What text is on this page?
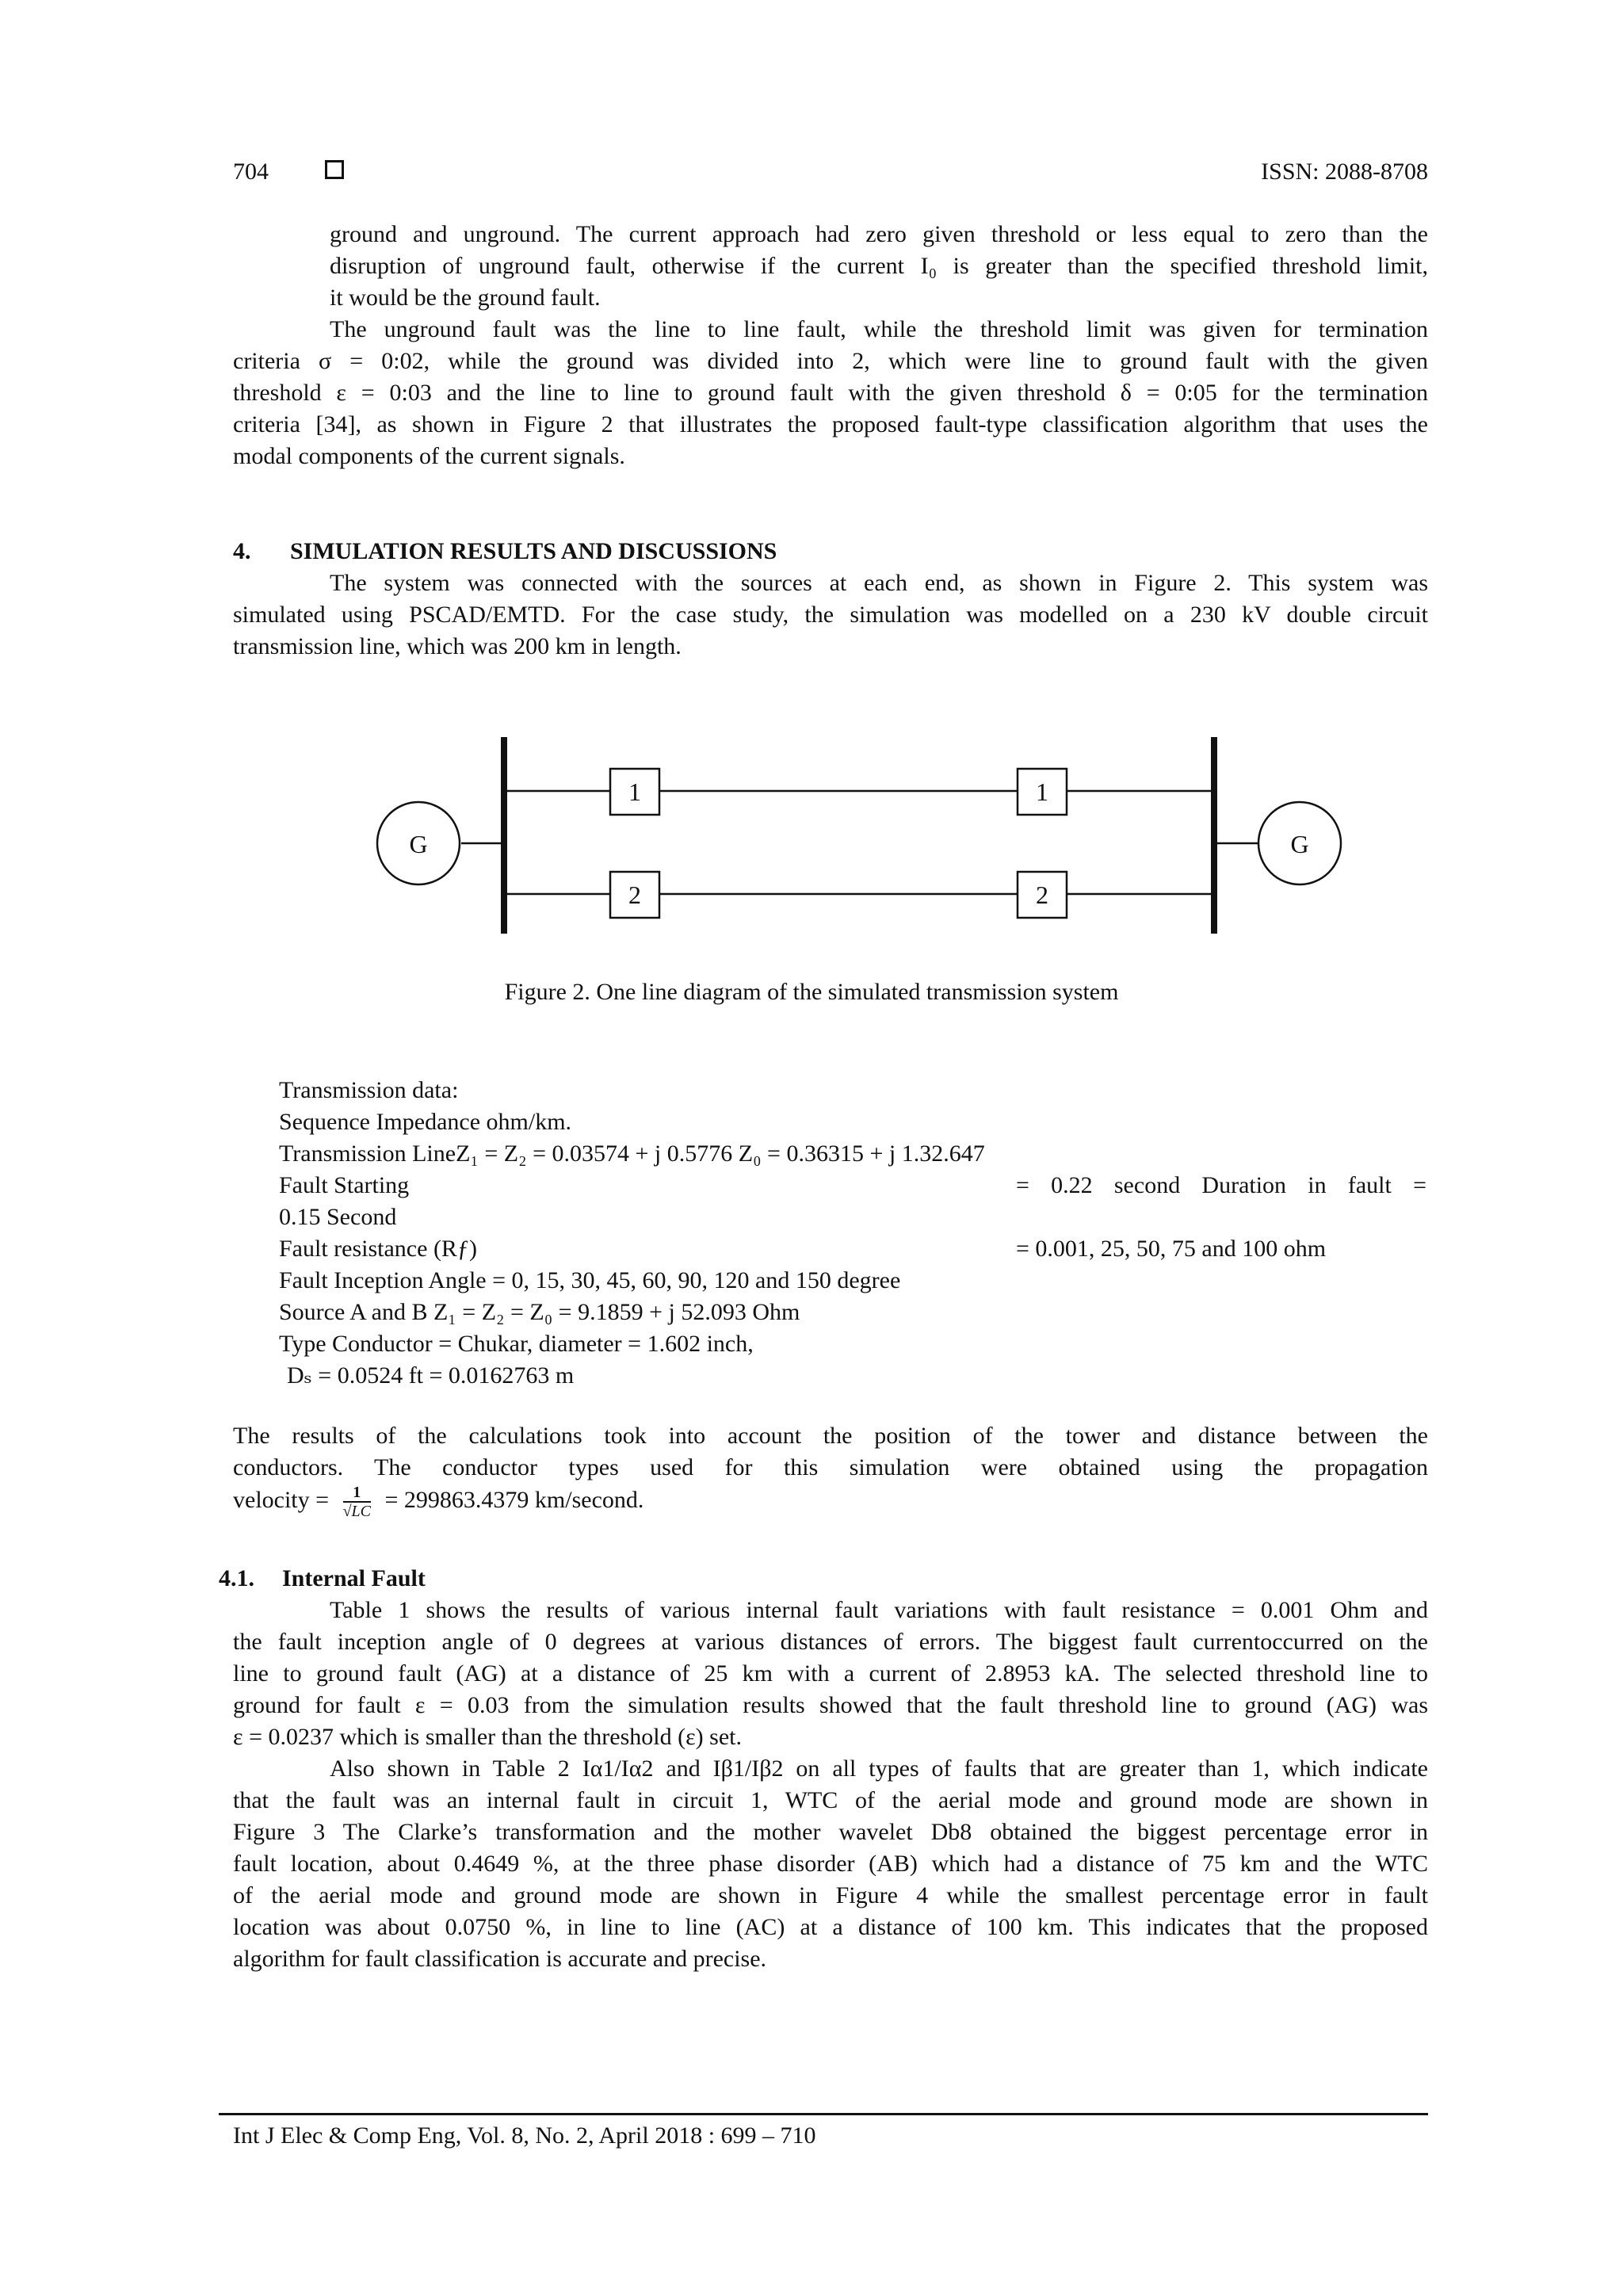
704	ISSN: 2088-8708

ground and unground. The current approach had zero given threshold or less equal to zero than the

disruption of unground fault, otherwise if the current I₀ is greater than the specified threshold limit,

it would be the ground fault.

The unground fault was the line to line fault, while the threshold limit was given for termination

criteria σ = 0:02, while the ground was divided into 2, which were line to ground fault with the given

threshold ε = 0:03 and the line to line to ground fault with the given threshold δ = 0:05 for the termination

criteria [34], as shown in Figure 2 that illustrates the proposed fault-type classification algorithm that uses the

modal components of the current signals.

4. SIMULATION RESULTS AND DISCUSSIONS

The system was connected with the sources at each end, as shown in Figure 2. This system was

simulated using PSCAD/EMTD. For the case study, the simulation was modelled on a 230 kV double circuit

transmission line, which was 200 km in length.

G	G
1	1
2	2
Figure 2. One line diagram of the simulated transmission system

Transmission data:

Sequence Impedance ohm/km.

Transmission LineZ₁ = Z₂ = 0.03574 + j 0.5776 Z₀ = 0.36315 + j 1.32.647

Fault Starting	= 0.22 second Duration in fault =

0.15 Second

Fault resistance (Rƒ)	= 0.001, 25, 50, 75 and 100 ohm

Fault Inception Angle = 0, 15, 30, 45, 60, 90, 120 and 150 degree

Source A and B Z₁ = Z₂ = Z₀ = 9.1859 + j 52.093 Ohm

Type Conductor = Chukar, diameter = 1.602 inch,

Dₛ = 0.0524 ft = 0.0162763 m

The results of the calculations took into account the position of the tower and distance between the

conductors. The conductor types used for this simulation were obtained using the propagation

velocity = $\frac{1}{√LC} = 299863.4379$ km/second.

4.1. Internal Fault

Table 1 shows the results of various internal fault variations with fault resistance = 0.001 Ohm and

the fault inception angle of 0 degrees at various distances of errors. The biggest fault currentoccurred on the

line to ground fault (AG) at a distance of 25 km with a current of 2.8953 kA. The selected threshold line to

ground for fault ε = 0.03 from the simulation results showed that the fault threshold line to ground (AG) was

ε = 0.0237 which is smaller than the threshold (ε) set.

Also shown in Table 2 Iα1/Iα2 and Iβ1/Iβ2 on all types of faults that are greater than 1, which indicate

that the fault was an internal fault in circuit 1, WTC of the aerial mode and ground mode are shown in

Figure 3 The Clarke’s transformation and the mother wavelet Db8 obtained the biggest percentage error in

fault location, about 0.4649 %, at the three phase disorder (AB) which had a distance of 75 km and the WTC

of the aerial mode and ground mode are shown in Figure 4 while the smallest percentage error in fault

location was about 0.0750 %, in line to line (AC) at a distance of 100 km. This indicates that the proposed

algorithm for fault classification is accurate and precise.

Int J Elec & Comp Eng, Vol. 8, No. 2, April 2018 : 699 – 710
